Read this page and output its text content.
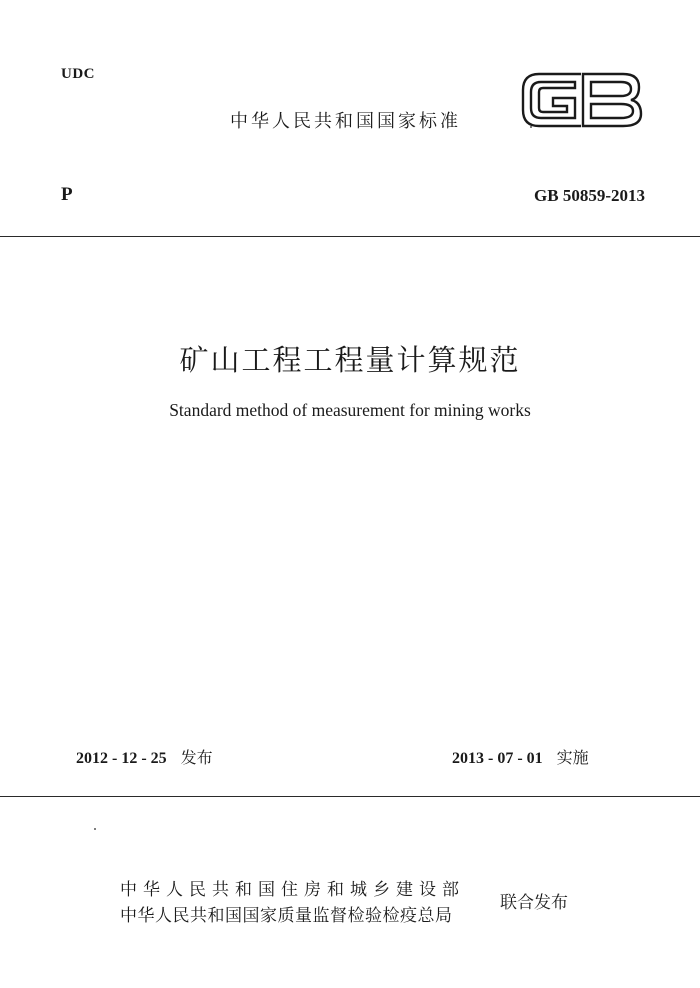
UDC
中华人民共和国国家标准
P	GB 50859-2013
矿山工程工程量计算规范
Standard method of measurement for mining works
2012 - 12 - 25 发布	2013 - 07 - 01 实施
中华人民共和国住房和城乡建设部
中华人民共和国国家质量监督检验检疫总局
联合发布
